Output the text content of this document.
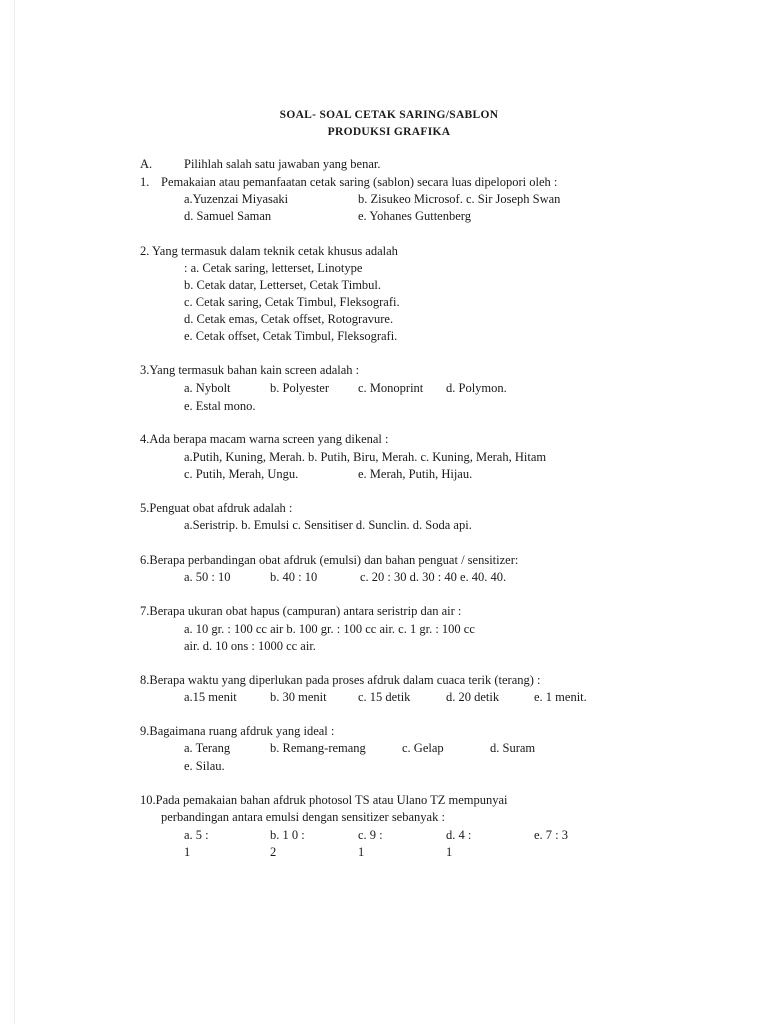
SOAL- SOAL CETAK SARING/SABLON
PRODUKSI GRAFIKA
A.	Pilihlah salah satu jawaban yang benar.
1. Pemakaian atau pemanfaatan cetak saring (sablon) secara luas dipelopori oleh :
a.Yuzenzai Miyasaki	b. Zisukeo Microsof. c. Sir Joseph Swan
d. Samuel Saman	e. Yohanes Guttenberg
2. Yang termasuk dalam teknik cetak khusus adalah
: a. Cetak saring, letterset, Linotype
b. Cetak datar, Letterset, Cetak Timbul.
c. Cetak saring, Cetak Timbul, Fleksografi.
d. Cetak emas, Cetak offset, Rotogravure.
e. Cetak offset, Cetak Timbul, Fleksografi.
3.Yang termasuk bahan kain screen adalah :
a. Nybolt	b. Polyester c. Monoprint d. Polymon.
e. Estal mono.
4.Ada berapa macam warna screen yang dikenal :
a.Putih, Kuning, Merah. b. Putih, Biru, Merah. c. Kuning, Merah, Hitam
c. Putih, Merah, Ungu.	e. Merah, Putih, Hijau.
5.Penguat obat afdruk adalah :
a.Seristrip. b. Emulsi c. Sensitiser d. Sunclin. d. Soda api.
6.Berapa perbandingan obat afdruk (emulsi) dan bahan penguat / sensitizer:
a. 50 : 10	b. 40 : 10	c. 20 : 30 d. 30 : 40 e. 40. 40.
7.Berapa ukuran obat hapus (campuran) antara seristrip dan air :
a. 10 gr. : 100 cc air b. 100 gr. : 100 cc air. c. 1 gr. : 100 cc
air. d. 10 ons : 1000 cc air.
8.Berapa waktu yang diperlukan pada proses afdruk dalam cuaca terik (terang) :
a.15 menit	b. 30 menit	c. 15 detik	d. 20 detik	e. 1 menit.
9.Bagaimana ruang afdruk yang ideal :
a. Terang	b. Remang-remang	c. Gelap	d. Suram
e. Silau.
10.Pada pemakaian bahan afdruk photosol TS atau Ulano TZ mempunyai
perbandingan antara emulsi dengan sensitizer sebanyak :
a. 5 :
1
b. 1 0 :
2
c. 9 :
1
d. 4 :
1
e. 7 : 3
